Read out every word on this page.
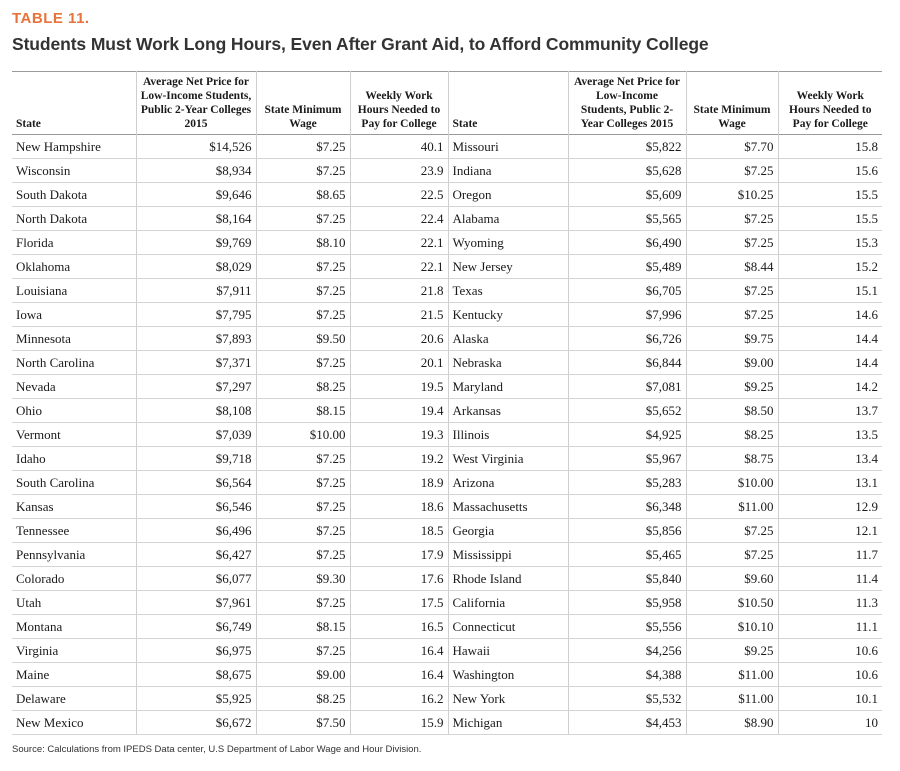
TABLE 11.
Students Must Work Long Hours, Even After Grant Aid, to Afford Community College
State	Average Net Price for Low-Income Students, Public 2-Year Colleges 2015	State Minimum Wage	Weekly Work Hours Needed to Pay for College	State	Average Net Price for Low-Income Students, Public 2-Year Colleges 2015	State Minimum Wage	Weekly Work Hours Needed to Pay for College
New Hampshire	$14,526	$7.25	40.1	Missouri	$5,822	$7.70	15.8
Wisconsin	$8,934	$7.25	23.9	Indiana	$5,628	$7.25	15.6
South Dakota	$9,646	$8.65	22.5	Oregon	$5,609	$10.25	15.5
North Dakota	$8,164	$7.25	22.4	Alabama	$5,565	$7.25	15.5
Florida	$9,769	$8.10	22.1	Wyoming	$6,490	$7.25	15.3
Oklahoma	$8,029	$7.25	22.1	New Jersey	$5,489	$8.44	15.2
Louisiana	$7,911	$7.25	21.8	Texas	$6,705	$7.25	15.1
Iowa	$7,795	$7.25	21.5	Kentucky	$7,996	$7.25	14.6
Minnesota	$7,893	$9.50	20.6	Alaska	$6,726	$9.75	14.4
North Carolina	$7,371	$7.25	20.1	Nebraska	$6,844	$9.00	14.4
Nevada	$7,297	$8.25	19.5	Maryland	$7,081	$9.25	14.2
Ohio	$8,108	$8.15	19.4	Arkansas	$5,652	$8.50	13.7
Vermont	$7,039	$10.00	19.3	Illinois	$4,925	$8.25	13.5
Idaho	$9,718	$7.25	19.2	West Virginia	$5,967	$8.75	13.4
South Carolina	$6,564	$7.25	18.9	Arizona	$5,283	$10.00	13.1
Kansas	$6,546	$7.25	18.6	Massachusetts	$6,348	$11.00	12.9
Tennessee	$6,496	$7.25	18.5	Georgia	$5,856	$7.25	12.1
Pennsylvania	$6,427	$7.25	17.9	Mississippi	$5,465	$7.25	11.7
Colorado	$6,077	$9.30	17.6	Rhode Island	$5,840	$9.60	11.4
Utah	$7,961	$7.25	17.5	California	$5,958	$10.50	11.3
Montana	$6,749	$8.15	16.5	Connecticut	$5,556	$10.10	11.1
Virginia	$6,975	$7.25	16.4	Hawaii	$4,256	$9.25	10.6
Maine	$8,675	$9.00	16.4	Washington	$4,388	$11.00	10.6
Delaware	$5,925	$8.25	16.2	New York	$5,532	$11.00	10.1
New Mexico	$6,672	$7.50	15.9	Michigan	$4,453	$8.90	10
Source: Calculations from IPEDS Data center, U.S Department of Labor Wage and Hour Division.
